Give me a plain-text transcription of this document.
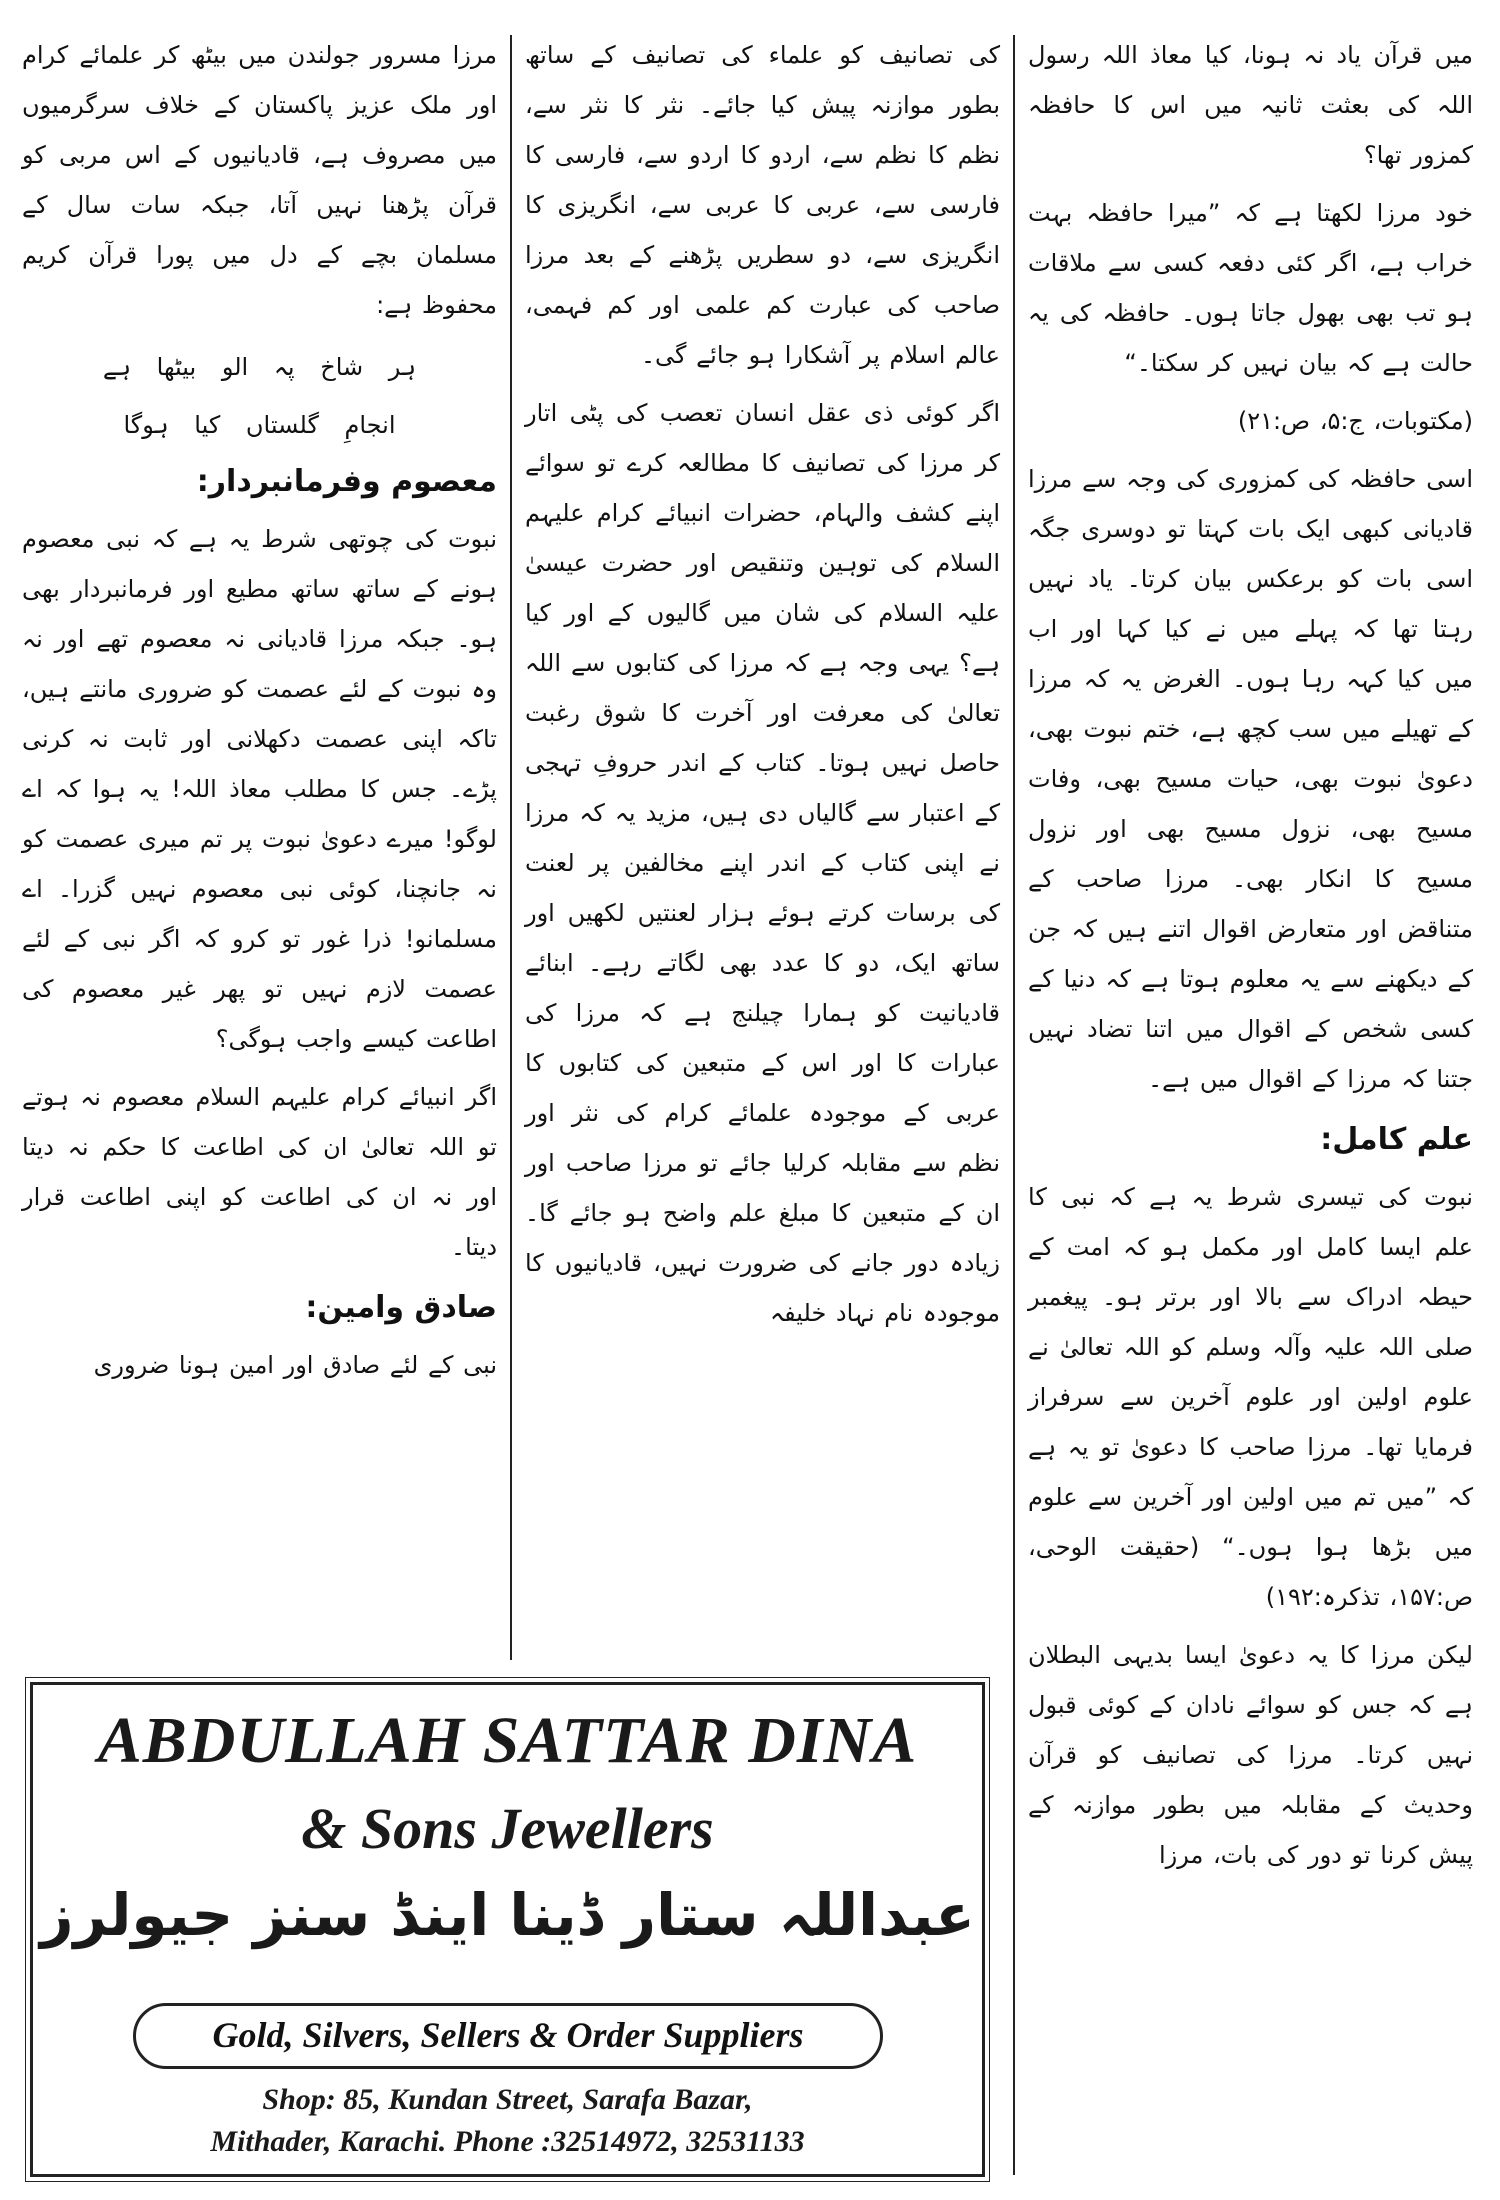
میں قرآن یاد نہ ہونا، کیا معاذ اللہ رسول اللہ کی بعثت ثانیہ میں اس کا حافظہ کمزور تھا؟

خود مرزا لکھتا ہے کہ ”میرا حافظہ بہت خراب ہے، اگر کئی دفعہ کسی سے ملاقات ہو تب بھی بھول جاتا ہوں۔ حافظہ کی یہ حالت ہے کہ بیان نہیں کر سکتا۔“

(مکتوبات، ج:۵، ص:۲۱)

اسی حافظہ کی کمزوری کی وجہ سے مرزا قادیانی کبھی ایک بات کہتا تو دوسری جگہ اسی بات کو برعکس بیان کرتا۔ یاد نہیں رہتا تھا کہ پہلے میں نے کیا کہا اور اب میں کیا کہہ رہا ہوں۔ الغرض یہ کہ مرزا کے تھیلے میں سب کچھ ہے، ختم نبوت بھی، دعویٰ نبوت بھی، حیات مسیح بھی، وفات مسیح بھی، نزول مسیح بھی اور نزول مسیح کا انکار بھی۔ مرزا صاحب کے متناقض اور متعارض اقوال اتنے ہیں کہ جن کے دیکھنے سے یہ معلوم ہوتا ہے کہ دنیا کے کسی شخص کے اقوال میں اتنا تضاد نہیں جتنا کہ مرزا کے اقوال میں ہے۔

علم کامل:

نبوت کی تیسری شرط یہ ہے کہ نبی کا علم ایسا کامل اور مکمل ہو کہ امت کے حیطہ ادراک سے بالا اور برتر ہو۔ پیغمبر صلی اللہ علیہ وآلہ وسلم کو اللہ تعالیٰ نے علوم اولین اور علوم آخرین سے سرفراز فرمایا تھا۔ مرزا صاحب کا دعویٰ تو یہ ہے کہ ”میں تم میں اولین اور آخرین سے علوم میں بڑھا ہوا ہوں۔“ (حقیقت الوحی، ص:۱۵۷، تذکرہ:۱۹۲)

لیکن مرزا کا یہ دعویٰ ایسا بدیہی البطلان ہے کہ جس کو سوائے نادان کے کوئی قبول نہیں کرتا۔ مرزا کی تصانیف کو قرآن وحدیث کے مقابلہ میں بطور موازنہ کے پیش کرنا تو دور کی بات، مرزا

کی تصانیف کو علماء کی تصانیف کے ساتھ بطور موازنہ پیش کیا جائے۔ نثر کا نثر سے، نظم کا نظم سے، اردو کا اردو سے، فارسی کا فارسی سے، عربی کا عربی سے، انگریزی کا انگریزی سے، دو سطریں پڑھنے کے بعد مرزا صاحب کی عبارت کم علمی اور کم فہمی، عالم اسلام پر آشکارا ہو جائے گی۔

اگر کوئی ذی عقل انسان تعصب کی پٹی اتار کر مرزا کی تصانیف کا مطالعہ کرے تو سوائے اپنے کشف والہام، حضرات انبیائے کرام علیہم السلام کی توہین وتنقیص اور حضرت عیسیٰ علیہ السلام کی شان میں گالیوں کے اور کیا ہے؟ یہی وجہ ہے کہ مرزا کی کتابوں سے اللہ تعالیٰ کی معرفت اور آخرت کا شوق رغبت حاصل نہیں ہوتا۔ کتاب کے اندر حروفِ تہجی کے اعتبار سے گالیاں دی ہیں، مزید یہ کہ مرزا نے اپنی کتاب کے اندر اپنے مخالفین پر لعنت کی برسات کرتے ہوئے ہزار لعنتیں لکھیں اور ساتھ ایک، دو کا عدد بھی لگاتے رہے۔ ابنائے قادیانیت کو ہمارا چیلنج ہے کہ مرزا کی عبارات کا اور اس کے متبعین کی کتابوں کا عربی کے موجودہ علمائے کرام کی نثر اور نظم سے مقابلہ کرلیا جائے تو مرزا صاحب اور ان کے متبعین کا مبلغ علم واضح ہو جائے گا۔ زیادہ دور جانے کی ضرورت نہیں، قادیانیوں کا موجودہ نام نہاد خلیفہ

مرزا مسرور جولندن میں بیٹھ کر علمائے کرام اور ملک عزیز پاکستان کے خلاف سرگرمیوں میں مصروف ہے، قادیانیوں کے اس مربی کو قرآن پڑھنا نہیں آتا، جبکہ سات سال کے مسلمان بچے کے دل میں پورا قرآن کریم محفوظ ہے:

ہر شاخ پہ الو بیٹھا ہے

انجامِ گلستاں کیا ہوگا

معصوم وفرمانبردار:

نبوت کی چوتھی شرط یہ ہے کہ نبی معصوم ہونے کے ساتھ ساتھ مطیع اور فرمانبردار بھی ہو۔ جبکہ مرزا قادیانی نہ معصوم تھے اور نہ وہ نبوت کے لئے عصمت کو ضروری مانتے ہیں، تاکہ اپنی عصمت دکھلانی اور ثابت نہ کرنی پڑے۔ جس کا مطلب معاذ اللہ! یہ ہوا کہ اے لوگو! میرے دعویٰ نبوت پر تم میری عصمت کو نہ جانچنا، کوئی نبی معصوم نہیں گزرا۔ اے مسلمانو! ذرا غور تو کرو کہ اگر نبی کے لئے عصمت لازم نہیں تو پھر غیر معصوم کی اطاعت کیسے واجب ہوگی؟

اگر انبیائے کرام علیہم السلام معصوم نہ ہوتے تو اللہ تعالیٰ ان کی اطاعت کا حکم نہ دیتا اور نہ ان کی اطاعت کو اپنی اطاعت قرار دیتا۔

صادق وامین:

نبی کے لئے صادق اور امین ہونا ضروری

ABDULLAH SATTAR DINA
& Sons Jewellers
عبداللہ ستار ڈینا اینڈ سنز جیولرز
Gold, Silvers, Sellers & Order Suppliers
Shop: 85, Kundan Street, Sarafa Bazar,
Mithader, Karachi. Phone :32514972, 32531133
